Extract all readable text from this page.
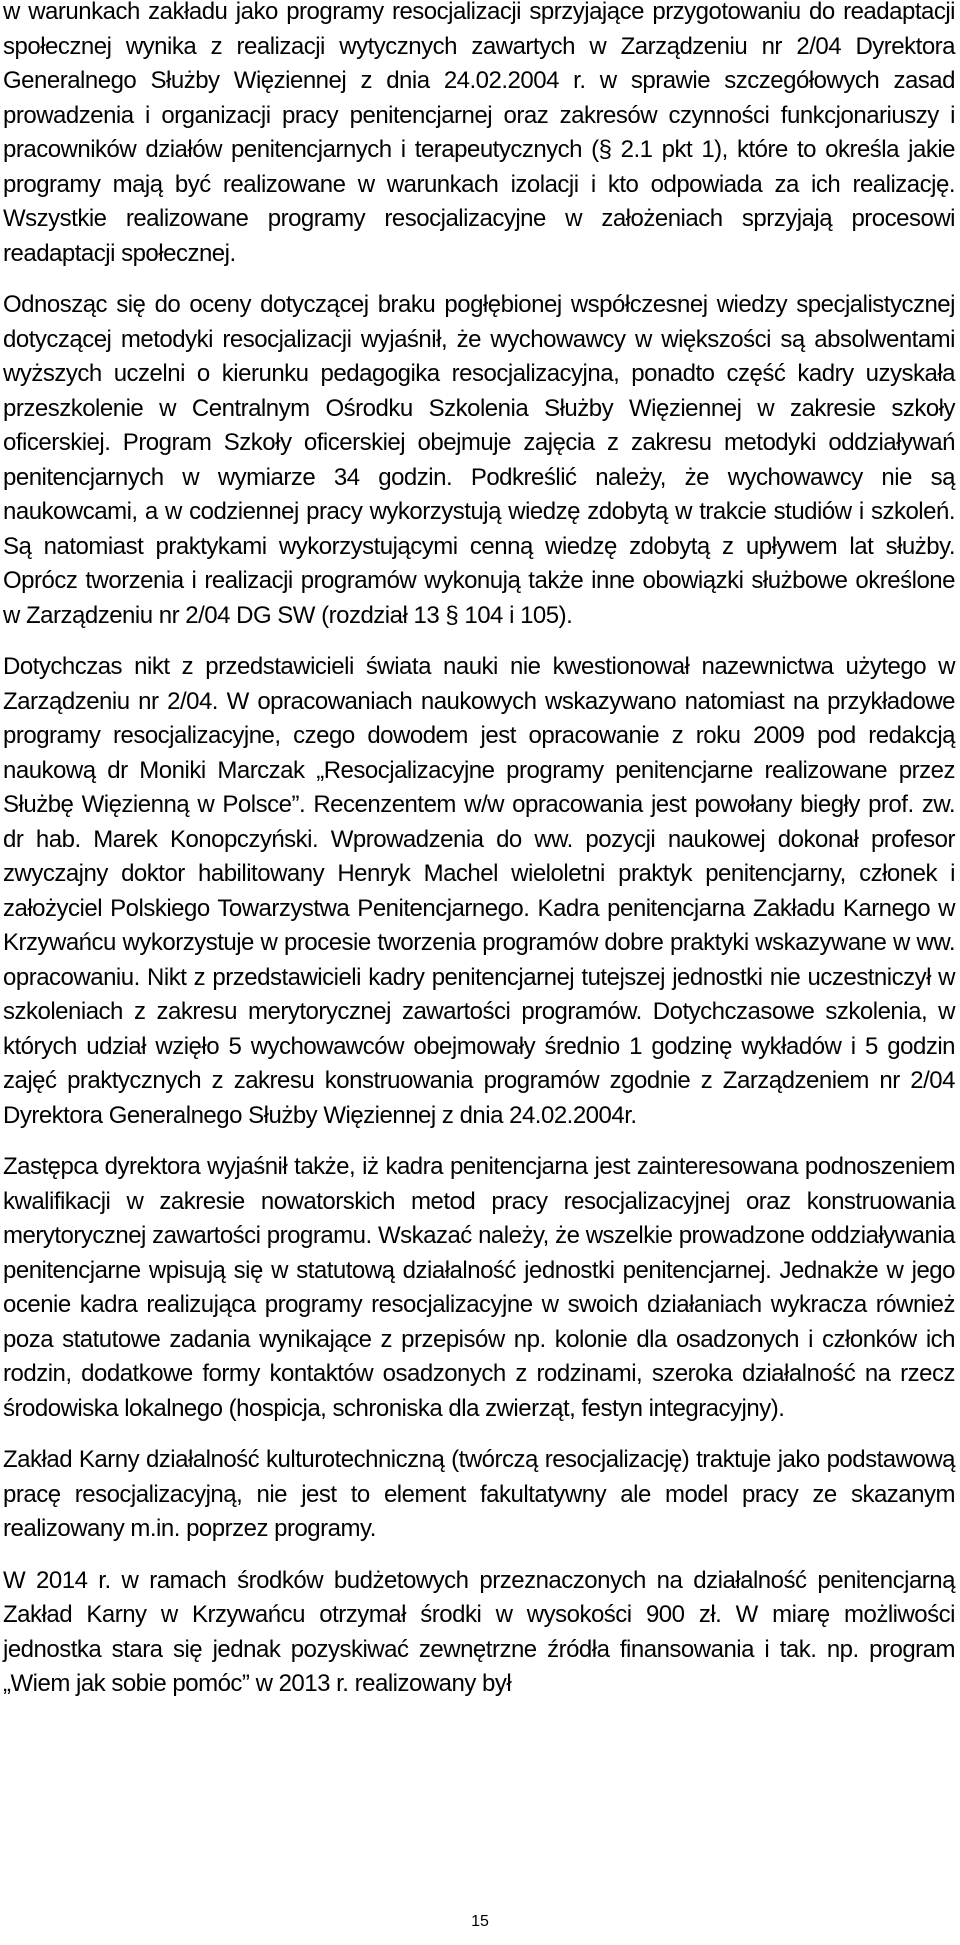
w warunkach zakładu jako programy resocjalizacji sprzyjające przygotowaniu do readaptacji społecznej wynika z realizacji wytycznych zawartych w Zarządzeniu nr 2/04 Dyrektora Generalnego Służby Więziennej z dnia 24.02.2004 r. w sprawie szczegółowych zasad prowadzenia i organizacji pracy penitencjarnej oraz zakresów czynności funkcjonariuszy i pracowników działów penitencjarnych i terapeutycznych (§ 2.1 pkt 1), które to określa jakie programy mają być realizowane w warunkach izolacji i kto odpowiada za ich realizację. Wszystkie realizowane programy resocjalizacyjne w założeniach sprzyjają procesowi readaptacji społecznej.

Odnosząc się do oceny dotyczącej braku pogłębionej współczesnej wiedzy specjalistycznej dotyczącej metodyki resocjalizacji wyjaśnił, że wychowawcy w większości są absolwentami wyższych uczelni o kierunku pedagogika resocjalizacyjna, ponadto część kadry uzyskała przeszkolenie w Centralnym Ośrodku Szkolenia Służby Więziennej w zakresie szkoły oficerskiej. Program Szkoły oficerskiej obejmuje zajęcia z zakresu metodyki oddziaływań penitencjarnych w wymiarze 34 godzin. Podkreślić należy, że wychowawcy nie są naukowcami, a w codziennej pracy wykorzystują wiedzę zdobytą w trakcie studiów i szkoleń. Są natomiast praktykami wykorzystującymi cenną wiedzę zdobytą z upływem lat służby. Oprócz tworzenia i realizacji programów wykonują także inne obowiązki służbowe określone w Zarządzeniu nr 2/04 DG SW (rozdział 13 § 104 i 105).

Dotychczas nikt z przedstawicieli świata nauki nie kwestionował nazewnictwa użytego w Zarządzeniu nr 2/04. W opracowaniach naukowych wskazywano natomiast na przykładowe programy resocjalizacyjne, czego dowodem jest opracowanie z roku 2009 pod redakcją naukową dr Moniki Marczak „Resocjalizacyjne programy penitencjarne realizowane przez Służbę Więzienną w Polsce”. Recenzentem w/w opracowania jest powołany biegły prof. zw. dr hab. Marek Konopczyński. Wprowadzenia do ww. pozycji naukowej dokonał profesor zwyczajny doktor habilitowany Henryk Machel wieloletni praktyk penitencjarny, członek i założyciel Polskiego Towarzystwa Penitencjarnego. Kadra penitencjarna Zakładu Karnego w Krzywańcu wykorzystuje w procesie tworzenia programów dobre praktyki wskazywane w ww. opracowaniu. Nikt z przedstawicieli kadry penitencjarnej tutejszej jednostki nie uczestniczył w szkoleniach z zakresu merytorycznej zawartości programów. Dotychczasowe szkolenia, w których udział wzięło 5 wychowawców obejmowały średnio 1 godzinę wykładów i 5 godzin zajęć praktycznych z zakresu konstruowania programów zgodnie z Zarządzeniem nr 2/04 Dyrektora Generalnego Służby Więziennej z dnia 24.02.2004r.

Zastępca dyrektora wyjaśnił także, iż kadra penitencjarna jest zainteresowana podnoszeniem kwalifikacji w zakresie nowatorskich metod pracy resocjalizacyjnej oraz konstruowania merytorycznej zawartości programu. Wskazać należy, że wszelkie prowadzone oddziaływania penitencjarne wpisują się w statutową działalność jednostki penitencjarnej. Jednakże w jego ocenie kadra realizująca programy resocjalizacyjne w swoich działaniach wykracza również poza statutowe zadania wynikające z przepisów np. kolonie dla osadzonych i członków ich rodzin, dodatkowe formy kontaktów osadzonych z rodzinami, szeroka działalność na rzecz środowiska lokalnego (hospicja, schroniska dla zwierząt, festyn integracyjny).

Zakład Karny działalność kulturotechniczną (twórczą resocjalizację) traktuje jako podstawową pracę resocjalizacyjną, nie jest to element fakultatywny ale model pracy ze skazanym realizowany m.in. poprzez programy.

W 2014 r. w ramach środków budżetowych przeznaczonych na działalność penitencjarną Zakład Karny w Krzywańcu otrzymał środki w wysokości 900 zł. W miarę możliwości jednostka stara się jednak pozyskiwać zewnętrzne źródła finansowania i tak. np. program „Wiem jak sobie pomóc” w 2013 r. realizowany był

15
